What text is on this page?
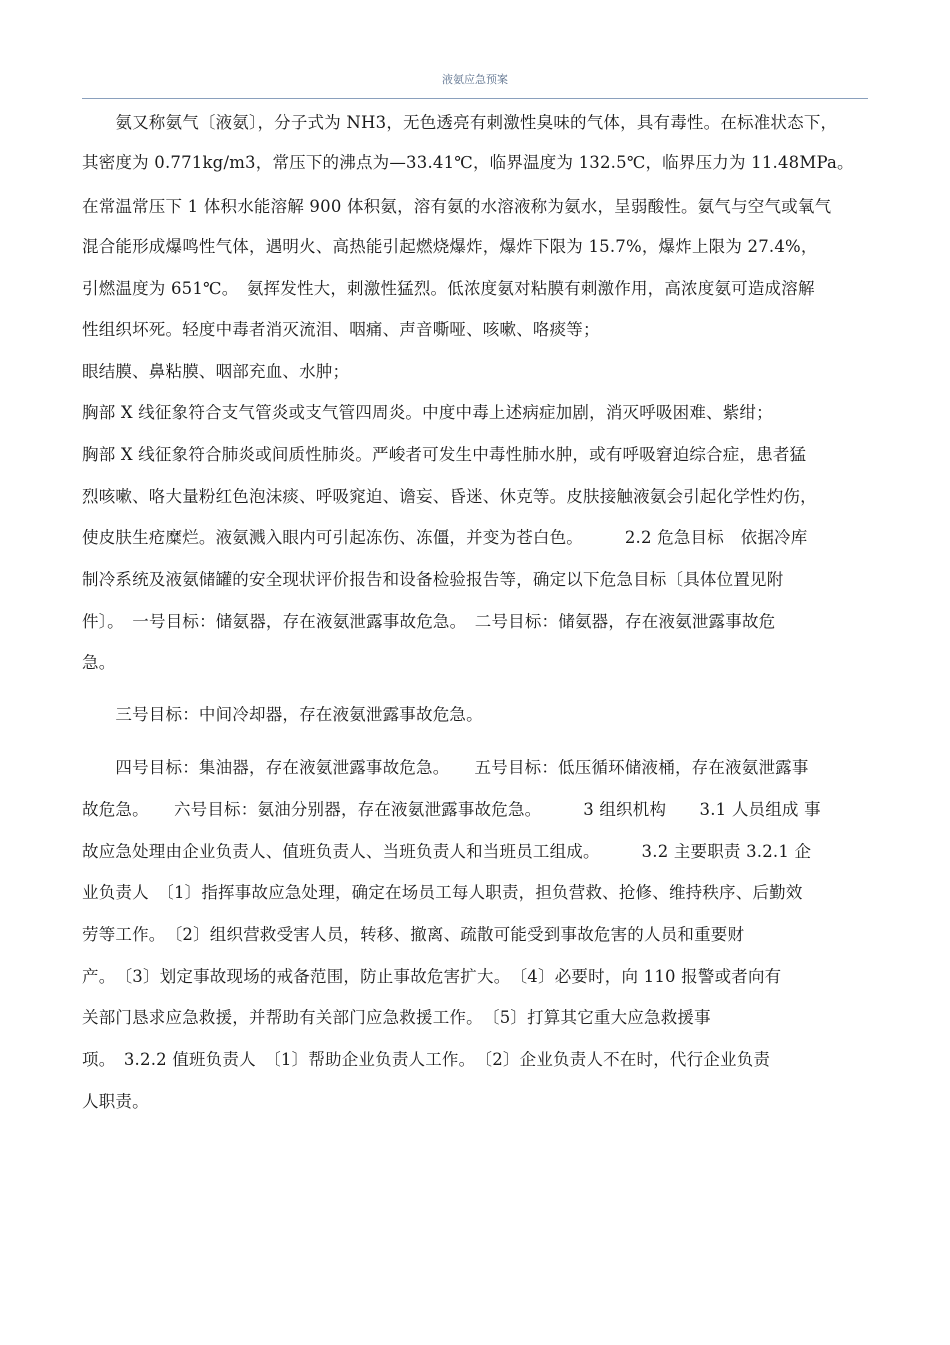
液氨应急预案
　　氨又称氨气〔液氨〕，分子式为 NH3，无色透亮有刺激性臭味的气体，具有毒性。在标准状态下，
其密度为 0.771kg/m3，常压下的沸点为—33.41℃，临界温度为 132.5℃，临界压力为 11.48MPa。
在常温常压下 1 体积水能溶解 900 体积氨，溶有氨的水溶液称为氨水，呈弱酸性。氨气与空气或氧气
混合能形成爆鸣性气体，遇明火、高热能引起燃烧爆炸，爆炸下限为 15.7%，爆炸上限为 27.4%，
引燃温度为 651℃。　氨挥发性大，刺激性猛烈。低浓度氨对粘膜有刺激作用，高浓度氨可造成溶解
性组织坏死。轻度中毒者消灭流泪、咽痛、声音嘶哑、咳嗽、咯痰等；
眼结膜、鼻粘膜、咽部充血、水肿；
胸部 X 线征象符合支气管炎或支气管四周炎。中度中毒上述病症加剧，消灭呼吸困难、紫绀；
胸部 X 线征象符合肺炎或间质性肺炎。严峻者可发生中毒性肺水肿，或有呼吸窘迫综合症，患者猛
烈咳嗽、咯大量粉红色泡沫痰、呼吸窕迫、谵妄、昏迷、休克等。皮肤接触液氨会引起化学性灼伤，
使皮肤生疮糜烂。液氨溅入眼内可引起冻伤、冻僵，并变为苍白色。　　　2.2 危急目标　依据冷库
制冷系统及液氨储罐的安全现状评价报告和设备检验报告等，确定以下危急目标〔具体位置见附
件〕。　一号目标：储氨器，存在液氨泄露事故危急。　二号目标：储氨器，存在液氨泄露事故危
急。
　　三号目标：中间冷却器，存在液氨泄露事故危急。
　　四号目标：集油器，存在液氨泄露事故危急。　　五号目标：低压循环储液桶，存在液氨泄露事
故危急。　　六号目标：氨油分别器，存在液氨泄露事故危急。　　　3 组织机构　　3.1 人员组成 事
故应急处理由企业负责人、值班负责人、当班负责人和当班员工组成。　　　3.2 主要职责 3.2.1 企
业负责人　〔1〕指挥事故应急处理，确定在场员工每人职责，担负营救、抢修、维持秩序、后勤效
劳等工作。　〔2〕组织营救受害人员，转移、撤离、疏散可能受到事故危害的人员和重要财
产。　〔3〕划定事故现场的戒备范围，防止事故危害扩大。　〔4〕必要时，向 110 报警或者向有
关部门恳求应急救援，并帮助有关部门应急救援工作。　〔5〕打算其它重大应急救援事
项。　3.2.2 值班负责人　〔1〕帮助企业负责人工作。　〔2〕企业负责人不在时，代行企业负责
人职责。
